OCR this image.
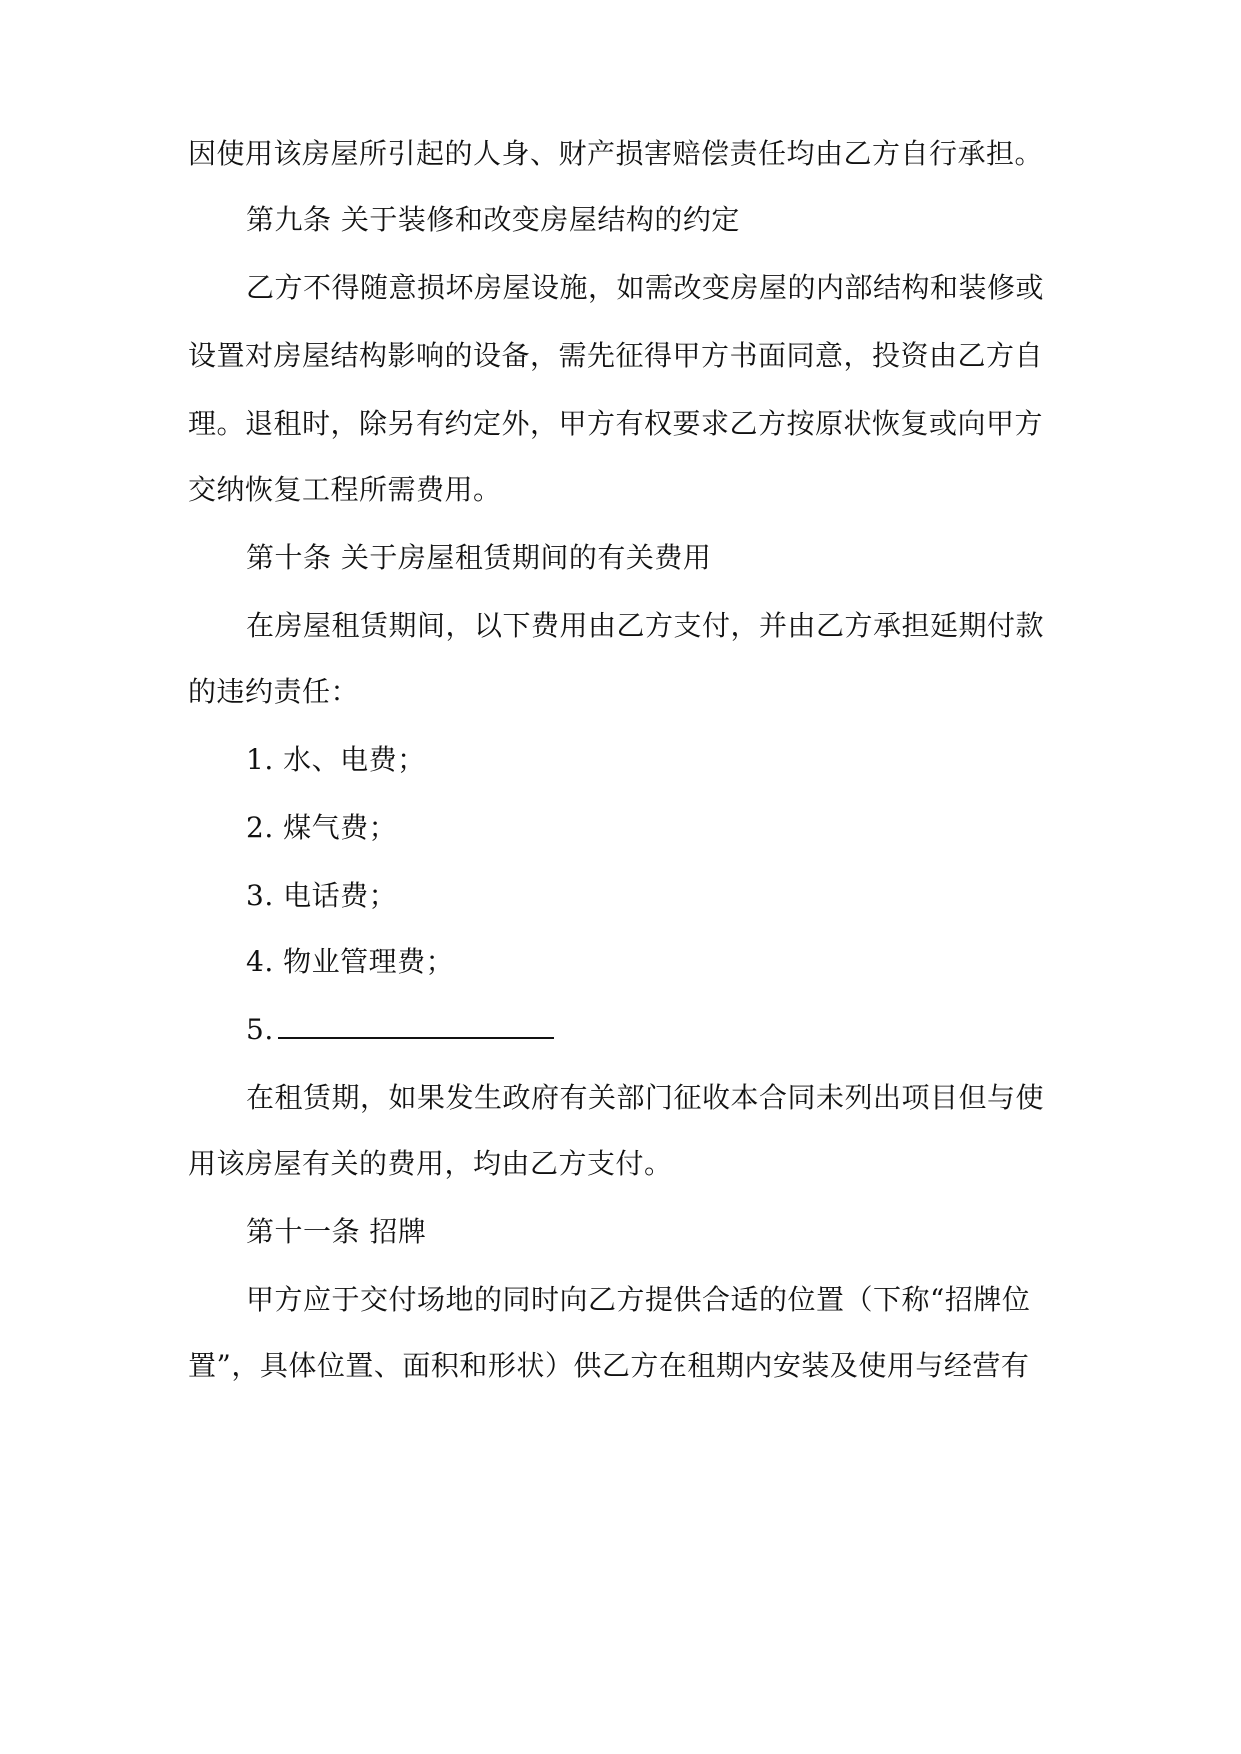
因使用该房屋所引起的人身、财产损害赔偿责任均由乙方自行承担。
第九条 关于装修和改变房屋结构的约定
乙方不得随意损坏房屋设施，如需改变房屋的内部结构和装修或
设置对房屋结构影响的设备，需先征得甲方书面同意，投资由乙方自
理。退租时，除另有约定外，甲方有权要求乙方按原状恢复或向甲方
交纳恢复工程所需费用。
第十条 关于房屋租赁期间的有关费用
在房屋租赁期间，以下费用由乙方支付，并由乙方承担延期付款
的违约责任：
1. 水、电费；
2. 煤气费；
3. 电话费；
4. 物业管理费；
5.
在租赁期，如果发生政府有关部门征收本合同未列出项目但与使
用该房屋有关的费用，均由乙方支付。
第十一条 招牌
甲方应于交付场地的同时向乙方提供合适的位置（下称“招牌位
置”，具体位置、面积和形状）供乙方在租期内安装及使用与经营有
